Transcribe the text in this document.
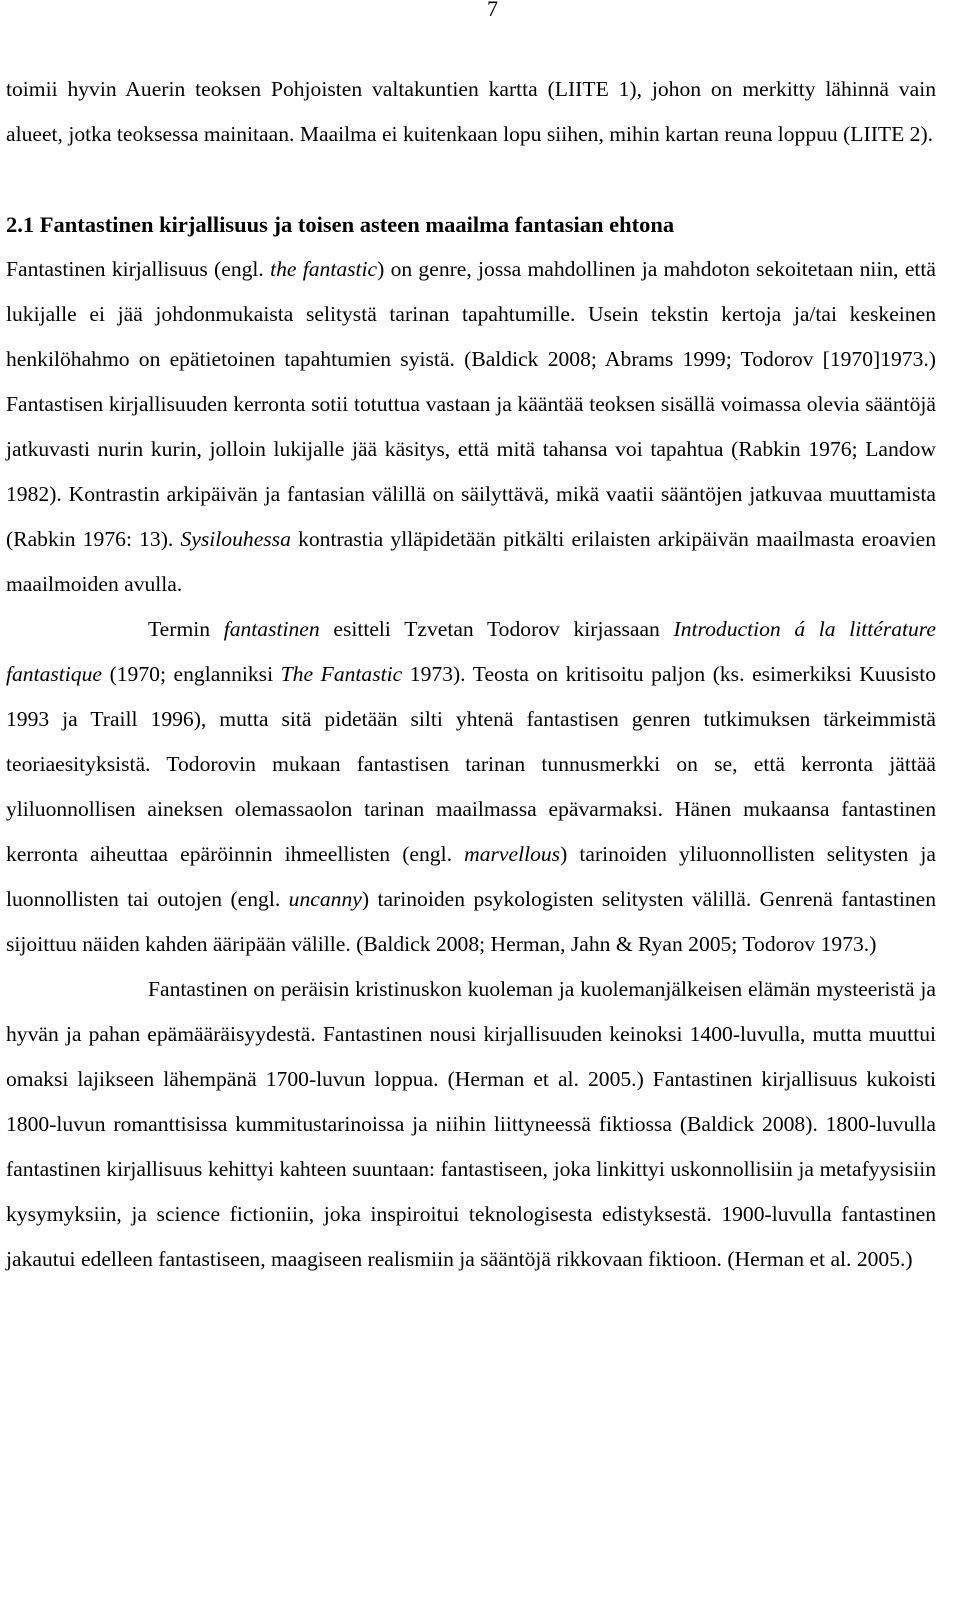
7

toimii hyvin Auerin teoksen Pohjoisten valtakuntien kartta (LIITE 1), johon on merkitty lähinnä vain alueet, jotka teoksessa mainitaan. Maailma ei kuitenkaan lopu siihen, mihin kartan reuna loppuu (LIITE 2).

2.1 Fantastinen kirjallisuus ja toisen asteen maailma fantasian ehtona

Fantastinen kirjallisuus (engl. the fantastic) on genre, jossa mahdollinen ja mahdoton sekoitetaan niin, että lukijalle ei jää johdonmukaista selitystä tarinan tapahtumille. Usein tekstin kertoja ja/tai keskeinen henkilöhahmo on epätietoinen tapahtumien syistä. (Baldick 2008; Abrams 1999; Todorov [1970]1973.) Fantastisen kirjallisuuden kerronta sotii totuttua vastaan ja kääntää teoksen sisällä voimassa olevia sääntöjä jatkuvasti nurin kurin, jolloin lukijalle jää käsitys, että mitä tahansa voi tapahtua (Rabkin 1976; Landow 1982). Kontrastin arkipäivän ja fantasian välillä on säilyttävä, mikä vaatii sääntöjen jatkuvaa muuttamista (Rabkin 1976: 13). Sysilouhessa kontrastia ylläpidetään pitkälti erilaisten arkipäivän maailmasta eroavien maailmoiden avulla.

Termin fantastinen esitteli Tzvetan Todorov kirjassaan Introduction á la littérature fantastique (1970; englanniksi The Fantastic 1973). Teosta on kritisoitu paljon (ks. esimerkiksi Kuusisto 1993 ja Traill 1996), mutta sitä pidetään silti yhtenä fantastisen genren tutkimuksen tärkeimmistä teoriaesityksistä. Todorovin mukaan fantastisen tarinan tunnusmerkki on se, että kerronta jättää yliluonnollisen aineksen olemassaolon tarinan maailmassa epävarmaksi. Hänen mukaansa fantastinen kerronta aiheuttaa epäröinnin ihmeellisten (engl. marvellous) tarinoiden yliluonnollisten selitysten ja luonnollisten tai outojen (engl. uncanny) tarinoiden psykologisten selitysten välillä. Genrenä fantastinen sijoittuu näiden kahden ääripään välille. (Baldick 2008; Herman, Jahn & Ryan 2005; Todorov 1973.)

Fantastinen on peräisin kristinuskon kuoleman ja kuolemanjälkeisen elämän mysteeristä ja hyvän ja pahan epämääräisyydestä. Fantastinen nousi kirjallisuuden keinoksi 1400-luvulla, mutta muuttui omaksi lajikseen lähempänä 1700-luvun loppua. (Herman et al. 2005.) Fantastinen kirjallisuus kukoisti 1800-luvun romanttisissa kummitustarinoissa ja niihin liittyneessä fiktiossa (Baldick 2008). 1800-luvulla fantastinen kirjallisuus kehittyi kahteen suuntaan: fantastiseen, joka linkittyi uskonnollisiin ja metafyysisiin kysymyksiin, ja science fictioniin, joka inspiroitui teknologisesta edistyksestä. 1900-luvulla fantastinen jakautui edelleen fantastiseen, maagiseen realismiin ja sääntöjä rikkovaan fiktioon. (Herman et al. 2005.)
